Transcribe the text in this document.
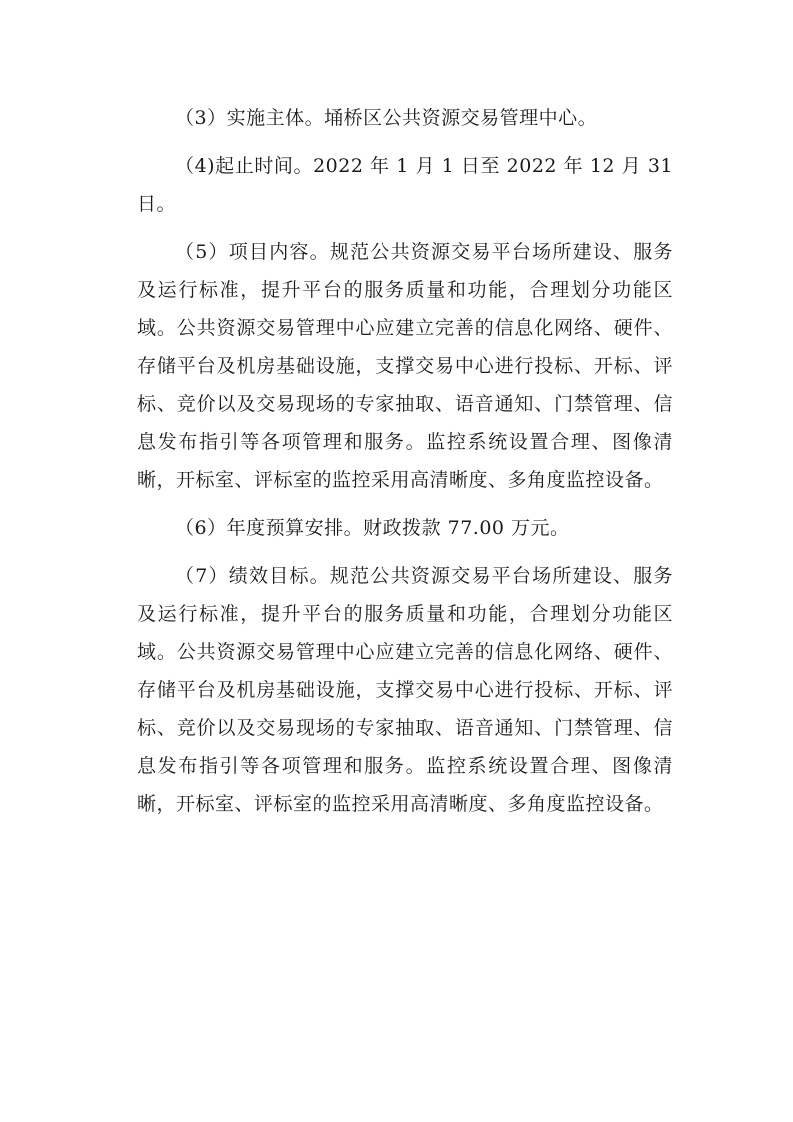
（3）实施主体。埇桥区公共资源交易管理中心。

（4)起止时间。2022 年 1 月 1 日至 2022 年 12 月 31 日。

（5）项目内容。规范公共资源交易平台场所建设、服务及运行标准，提升平台的服务质量和功能，合理划分功能区域。公共资源交易管理中心应建立完善的信息化网络、硬件、存储平台及机房基础设施，支撑交易中心进行投标、开标、评标、竞价以及交易现场的专家抽取、语音通知、门禁管理、信息发布指引等各项管理和服务。监控系统设置合理、图像清晰，开标室、评标室的监控采用高清晰度、多角度监控设备。

（6）年度预算安排。财政拨款 77.00 万元。

（7）绩效目标。规范公共资源交易平台场所建设、服务及运行标准，提升平台的服务质量和功能，合理划分功能区域。公共资源交易管理中心应建立完善的信息化网络、硬件、存储平台及机房基础设施，支撑交易中心进行投标、开标、评标、竞价以及交易现场的专家抽取、语音通知、门禁管理、信息发布指引等各项管理和服务。监控系统设置合理、图像清晰，开标室、评标室的监控采用高清晰度、多角度监控设备。
